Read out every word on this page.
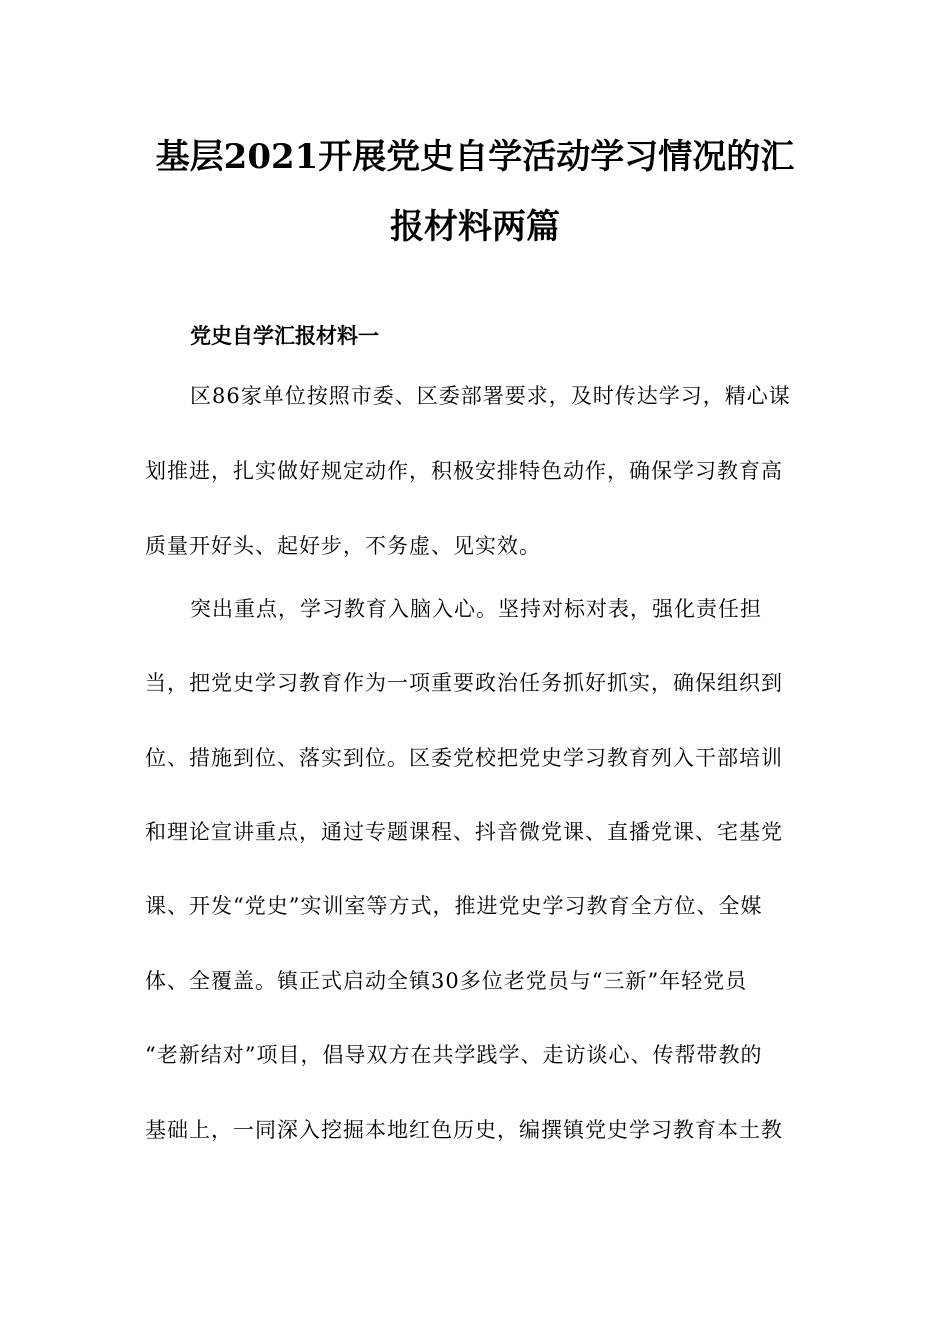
基层2021开展党史自学活动学习情况的汇
报材料两篇
党史自学汇报材料一
区86家单位按照市委、区委部署要求，及时传达学习，精心谋
划推进，扎实做好规定动作，积极安排特色动作，确保学习教育高
质量开好头、起好步，不务虚、见实效。
突出重点，学习教育入脑入心。坚持对标对表，强化责任担
当，把党史学习教育作为一项重要政治任务抓好抓实，确保组织到
位、措施到位、落实到位。区委党校把党史学习教育列入干部培训
和理论宣讲重点，通过专题课程、抖音微党课、直播党课、宅基党
课、开发“党史”实训室等方式，推进党史学习教育全方位、全媒
体、全覆盖。镇正式启动全镇30多位老党员与“三新”年轻党员
“老新结对”项目，倡导双方在共学践学、走访谈心、传帮带教的
基础上，一同深入挖掘本地红色历史，编撰镇党史学习教育本土教
